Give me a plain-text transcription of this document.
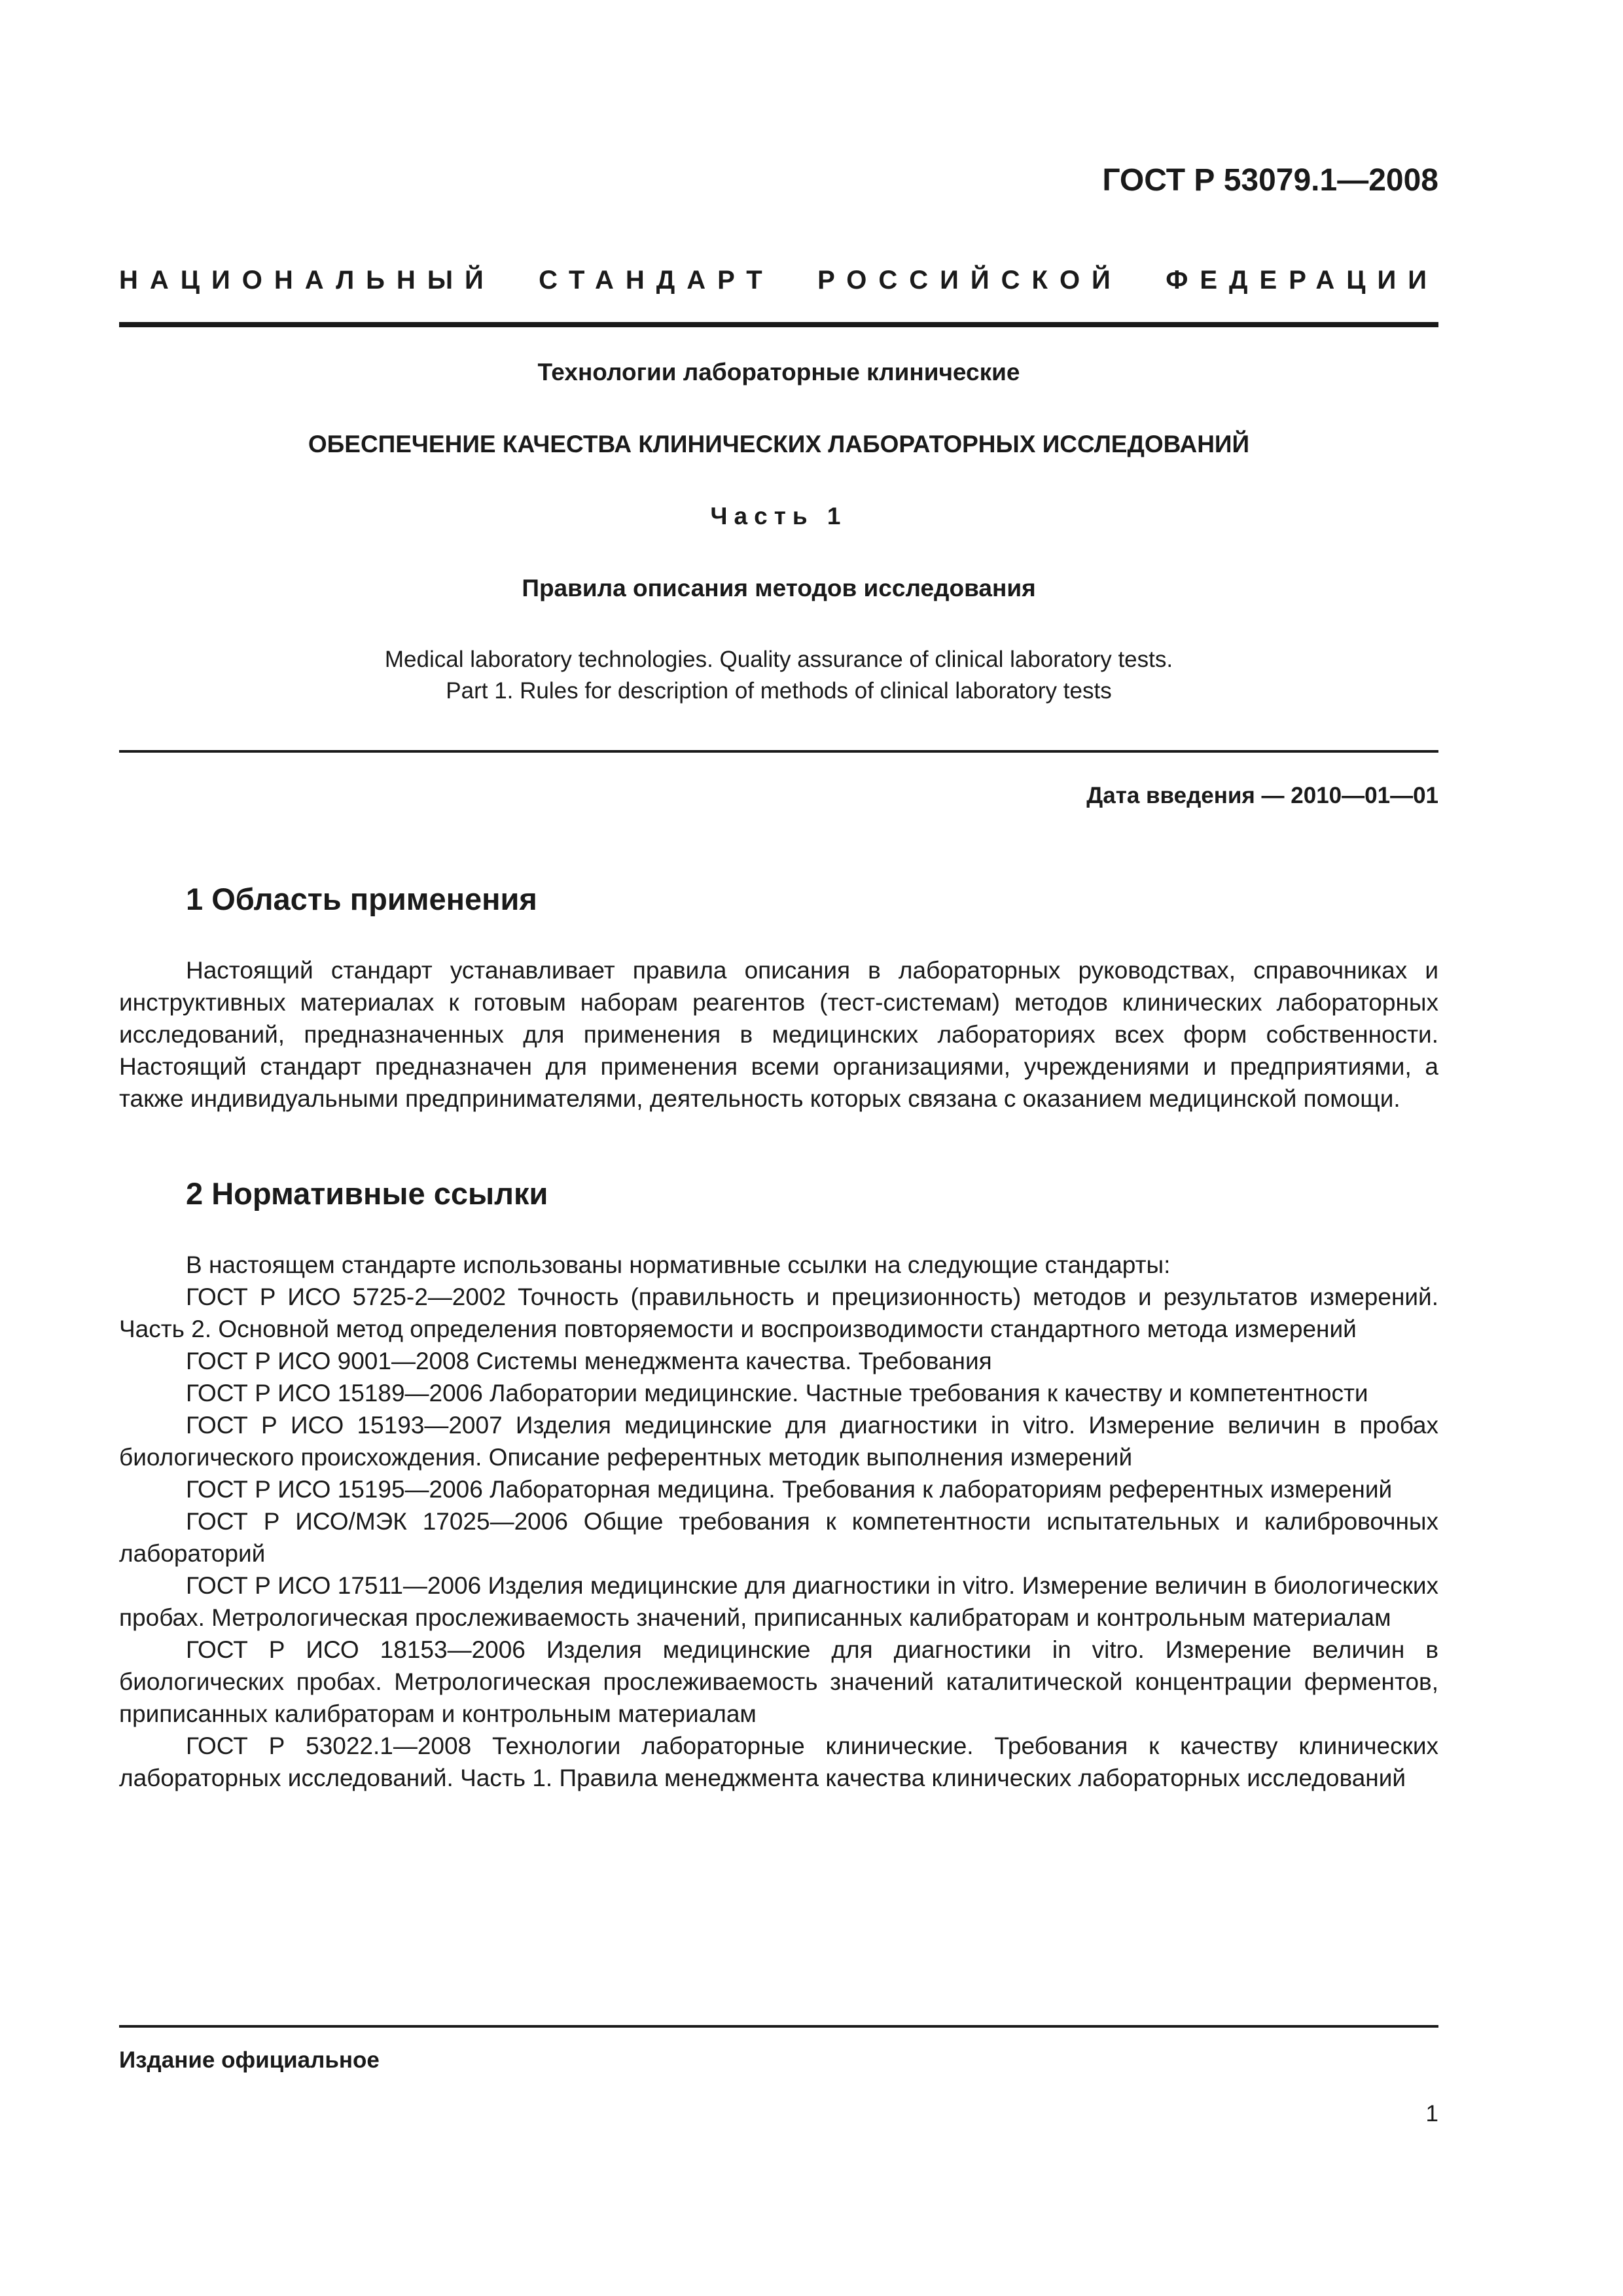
ГОСТ Р 53079.1—2008
НАЦИОНАЛЬНЫЙ СТАНДАРТ РОССИЙСКОЙ ФЕДЕРАЦИИ
Технологии лабораторные клинические
ОБЕСПЕЧЕНИЕ КАЧЕСТВА КЛИНИЧЕСКИХ ЛАБОРАТОРНЫХ ИССЛЕДОВАНИЙ
Часть 1
Правила описания методов исследования
Medical laboratory technologies. Quality assurance of clinical laboratory tests.
Part 1. Rules for description of methods of clinical laboratory tests
Дата введения — 2010—01—01
1 Область применения
Настоящий стандарт устанавливает правила описания в лабораторных руководствах, справочниках и инструктивных материалах к готовым наборам реагентов (тест-системам) методов клинических лабораторных исследований, предназначенных для применения в медицинских лабораториях всех форм собственности. Настоящий стандарт предназначен для применения всеми организациями, учреждениями и предприятиями, а также индивидуальными предпринимателями, деятельность которых связана с оказанием медицинской помощи.
2 Нормативные ссылки

В настоящем стандарте использованы нормативные ссылки на следующие стандарты:

ГОСТ Р ИСО 5725-2—2002 Точность (правильность и прецизионность) методов и результатов измерений. Часть 2. Основной метод определения повторяемости и воспроизводимости стандартного метода измерений

ГОСТ Р ИСО 9001—2008 Системы менеджмента качества. Требования

ГОСТ Р ИСО 15189—2006 Лаборатории медицинские. Частные требования к качеству и компетентности

ГОСТ Р ИСО 15193—2007 Изделия медицинские для диагностики in vitro. Измерение величин в пробах биологического происхождения. Описание референтных методик выполнения измерений

ГОСТ Р ИСО 15195—2006 Лабораторная медицина. Требования к лабораториям референтных измерений

ГОСТ Р ИСО/МЭК 17025—2006 Общие требования к компетентности испытательных и калибровочных лабораторий

ГОСТ Р ИСО 17511—2006 Изделия медицинские для диагностики in vitro. Измерение величин в биологических пробах. Метрологическая прослеживаемость значений, приписанных калибраторам и контрольным материалам

ГОСТ Р ИСО 18153—2006 Изделия медицинские для диагностики in vitro. Измерение величин в биологических пробах. Метрологическая прослеживаемость значений каталитической концентрации ферментов, приписанных калибраторам и контрольным материалам

ГОСТ Р 53022.1—2008 Технологии лабораторные клинические. Требования к качеству клинических лабораторных исследований. Часть 1. Правила менеджмента качества клинических лабораторных исследований

Издание официальное
1
